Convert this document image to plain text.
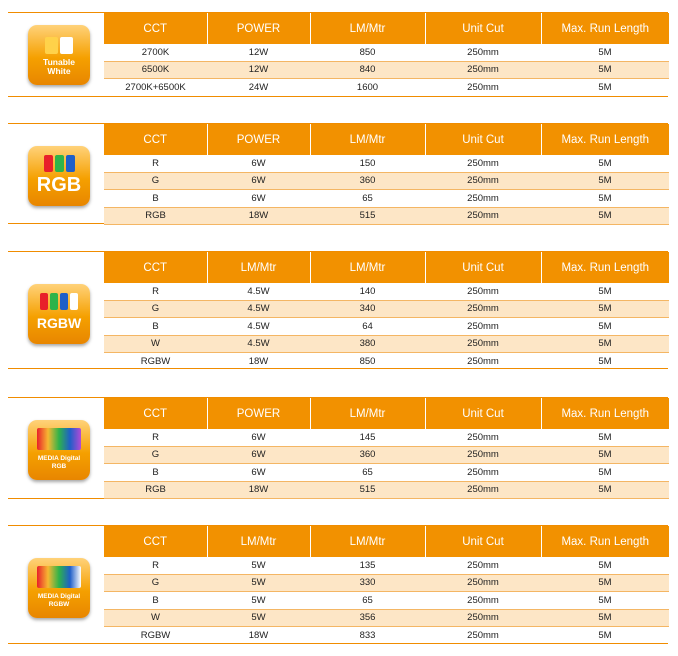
Tunable
White
CCT	POWER	LM/Mtr	Unit Cut	Max. Run Length
2700K	12W	850	250mm	5M
6500K	12W	840	250mm	5M
2700K+6500K	24W	1600	250mm	5M
RGB
CCT	POWER	LM/Mtr	Unit Cut	Max. Run Length
R	6W	150	250mm	5M
G	6W	360	250mm	5M
B	6W	65	250mm	5M
RGB	18W	515	250mm	5M
RGBW
CCT	LM/Mtr	LM/Mtr	Unit Cut	Max. Run Length
R	4.5W	140	250mm	5M
G	4.5W	340	250mm	5M
B	4.5W	64	250mm	5M
W	4.5W	380	250mm	5M
RGBW	18W	850	250mm	5M
MEDIA Digital
RGB
CCT	POWER	LM/Mtr	Unit Cut	Max. Run Length
R	6W	145	250mm	5M
G	6W	360	250mm	5M
B	6W	65	250mm	5M
RGB	18W	515	250mm	5M
MEDIA Digital
RGBW
CCT	LM/Mtr	LM/Mtr	Unit Cut	Max. Run Length
R	5W	135	250mm	5M
G	5W	330	250mm	5M
B	5W	65	250mm	5M
W	5W	356	250mm	5M
RGBW	18W	833	250mm	5M
